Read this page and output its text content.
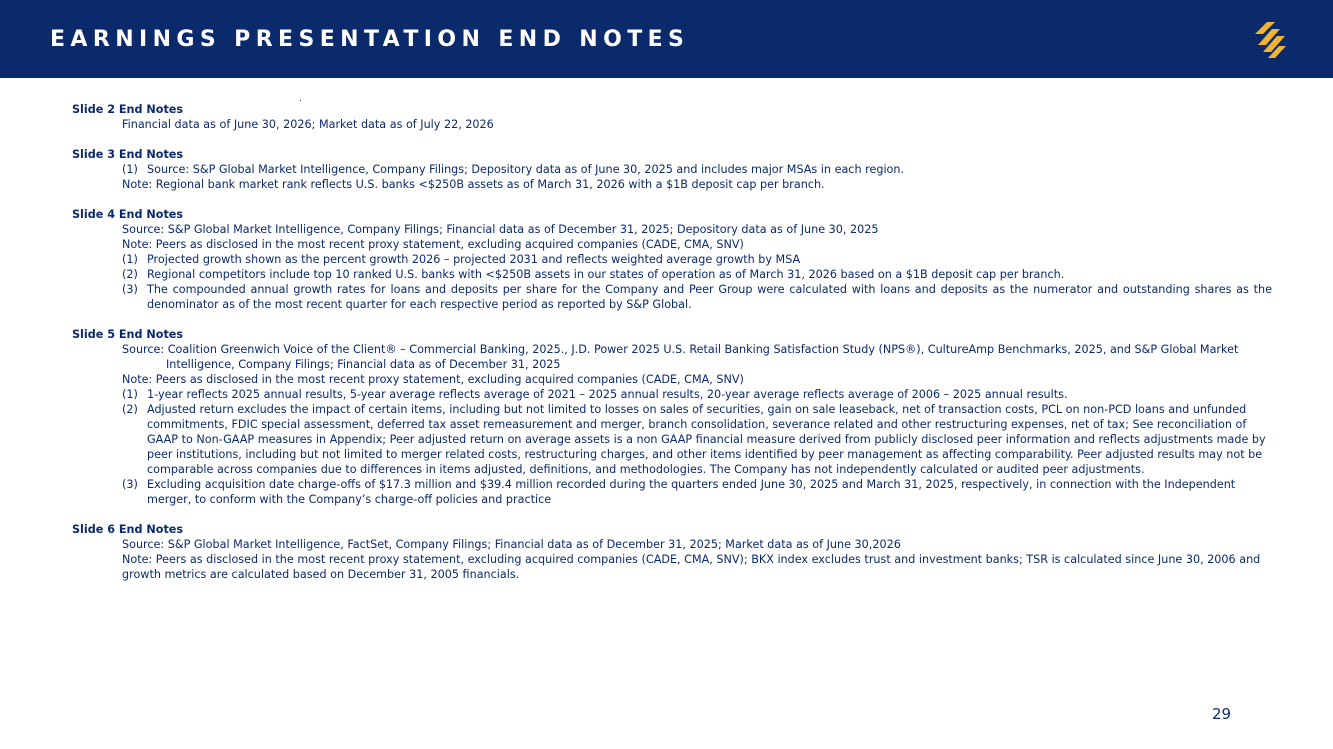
EARNINGS PRESENTATION END NOTES
Slide 2 End Notes
Financial data as of June 30, 2026; Market data as of July 22, 2026
Slide 3 End Notes
(1) Source: S&P Global Market Intelligence, Company Filings; Depository data as of June 30, 2025 and includes major MSAs in each region.
Note: Regional bank market rank reflects U.S. banks <$250B assets as of March 31, 2026 with a $1B deposit cap per branch.
Slide 4 End Notes
Source: S&P Global Market Intelligence, Company Filings; Financial data as of December 31, 2025; Depository data as of June 30, 2025
Note: Peers as disclosed in the most recent proxy statement, excluding acquired companies (CADE, CMA, SNV)
(1) Projected growth shown as the percent growth 2026 – projected 2031 and reflects weighted average growth by MSA
(2) Regional competitors include top 10 ranked U.S. banks with <$250B assets in our states of operation as of March 31, 2026 based on a $1B deposit cap per branch.
(3) The compounded annual growth rates for loans and deposits per share for the Company and Peer Group were calculated with loans and deposits as the numerator and outstanding shares as the denominator as of the most recent quarter for each respective period as reported by S&P Global.
Slide 5 End Notes
Source: Coalition Greenwich Voice of the Client® – Commercial Banking, 2025., J.D. Power 2025 U.S. Retail Banking Satisfaction Study (NPS®), CultureAmp Benchmarks, 2025, and S&P Global Market Intelligence, Company Filings; Financial data as of December 31, 2025
Note: Peers as disclosed in the most recent proxy statement, excluding acquired companies (CADE, CMA, SNV)
(1) 1-year reflects 2025 annual results, 5-year average reflects average of 2021 – 2025 annual results, 20-year average reflects average of 2006 – 2025 annual results.
(2) Adjusted return excludes the impact of certain items, including but not limited to losses on sales of securities, gain on sale leaseback, net of transaction costs, PCL on non-PCD loans and unfunded commitments, FDIC special assessment, deferred tax asset remeasurement and merger, branch consolidation, severance related and other restructuring expenses, net of tax; See reconciliation of GAAP to Non-GAAP measures in Appendix; Peer adjusted return on average assets is a non GAAP financial measure derived from publicly disclosed peer information and reflects adjustments made by peer institutions, including but not limited to merger related costs, restructuring charges, and other items identified by peer management as affecting comparability. Peer adjusted results may not be comparable across companies due to differences in items adjusted, definitions, and methodologies. The Company has not independently calculated or audited peer adjustments.
(3) Excluding acquisition date charge-offs of $17.3 million and $39.4 million recorded during the quarters ended June 30, 2025 and March 31, 2025, respectively, in connection with the Independent merger, to conform with the Company’s charge-off policies and practice
Slide 6 End Notes
Source: S&P Global Market Intelligence, FactSet, Company Filings; Financial data as of December 31, 2025; Market data as of June 30,2026
Note: Peers as disclosed in the most recent proxy statement, excluding acquired companies (CADE, CMA, SNV); BKX index excludes trust and investment banks; TSR is calculated since June 30, 2006 and growth metrics are calculated based on December 31, 2005 financials.
29
